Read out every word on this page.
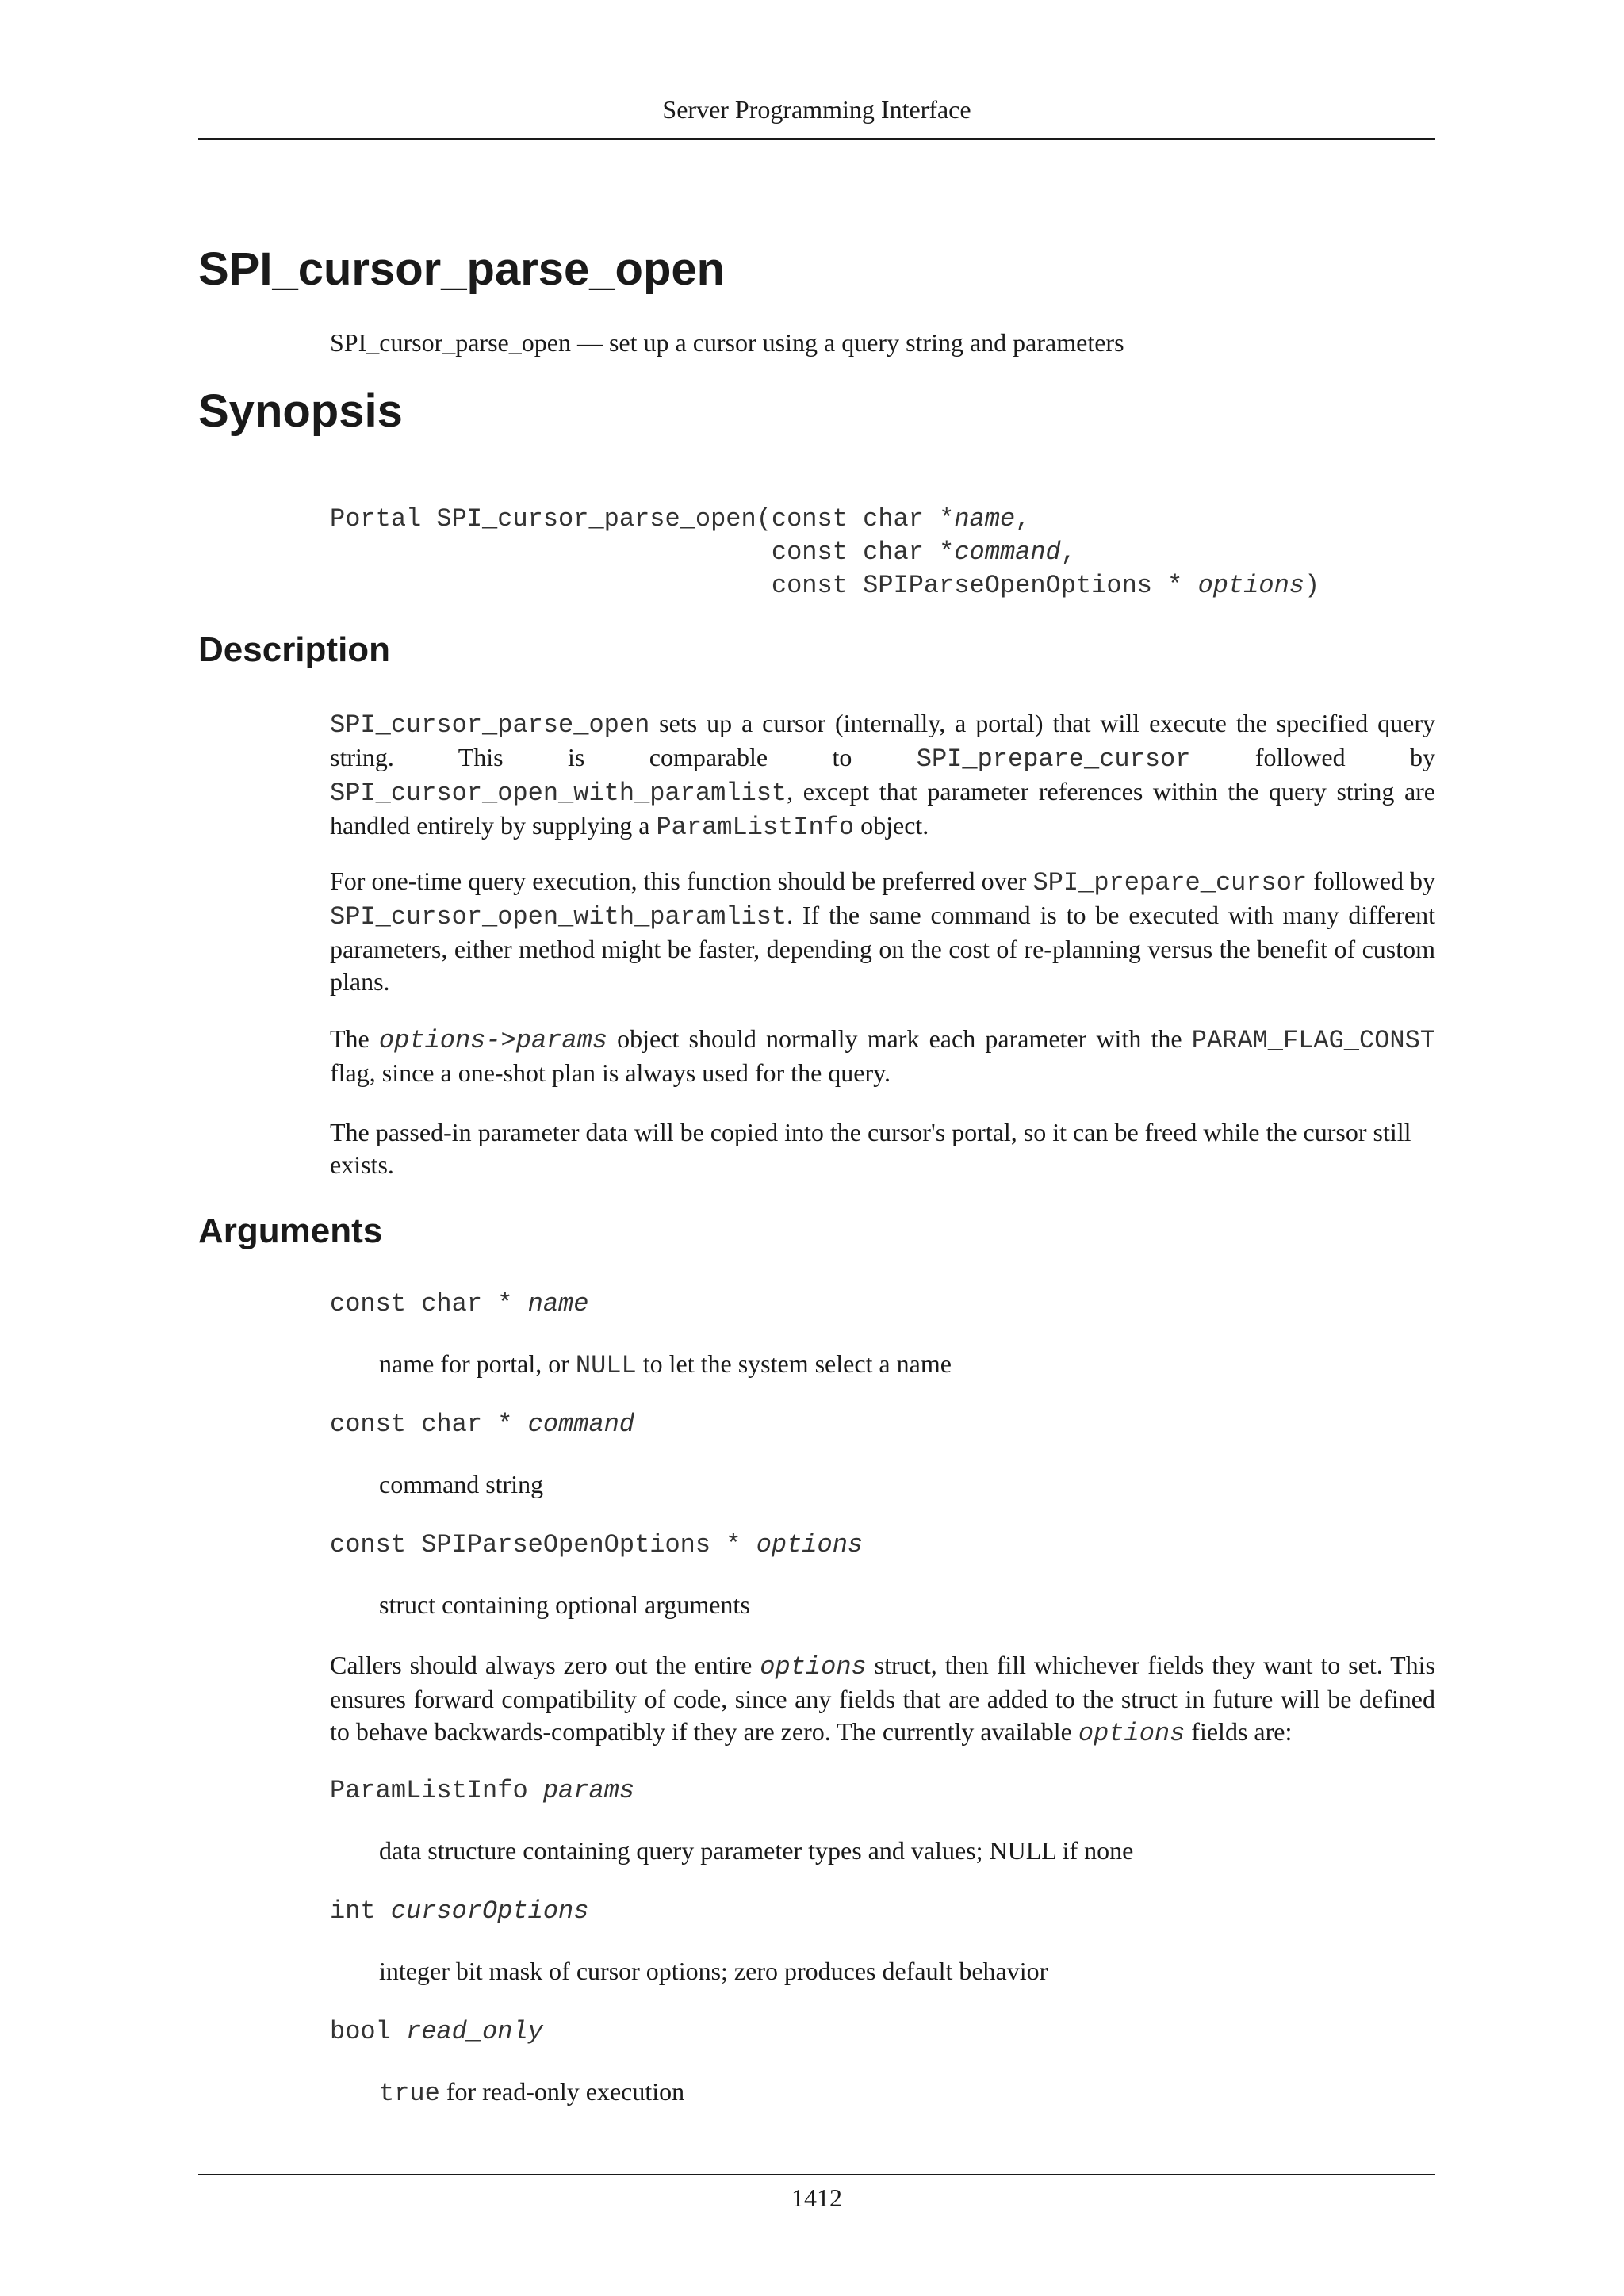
Server Programming Interface
SPI_cursor_parse_open

SPI_cursor_parse_open — set up a cursor using a query string and parameters

Synopsis
Portal SPI_cursor_parse_open(const char *name,
const char *command,
const SPIParseOpenOptions * options)
Description

SPI_cursor_parse_open sets up a cursor (internally, a portal) that will execute the specified query string. This is comparable to SPI_prepare_cursor followed by SPI_cursor_open_with_paramlist, except that parameter references within the query string are handled entirely by supplying a ParamListInfo object.

For one-time query execution, this function should be preferred over SPI_prepare_cursor followed by SPI_cursor_open_with_paramlist. If the same command is to be executed with many different parameters, either method might be faster, depending on the cost of re-planning versus the benefit of custom plans.

The options->params object should normally mark each parameter with the PARAM_FLAG_CONST flag, since a one-shot plan is always used for the query.

The passed-in parameter data will be copied into the cursor's portal, so it can be freed while the cursor still exists.

Arguments
const char * name

name for portal, or NULL to let the system select a name

const char * command

command string

const SPIParseOpenOptions * options

struct containing optional arguments

Callers should always zero out the entire options struct, then fill whichever fields they want to set. This ensures forward compatibility of code, since any fields that are added to the struct in future will be defined to behave backwards-compatibly if they are zero. The currently available options fields are:

ParamListInfo params

data structure containing query parameter types and values; NULL if none

int cursorOptions

integer bit mask of cursor options; zero produces default behavior

bool read_only

true for read-only execution

1412
